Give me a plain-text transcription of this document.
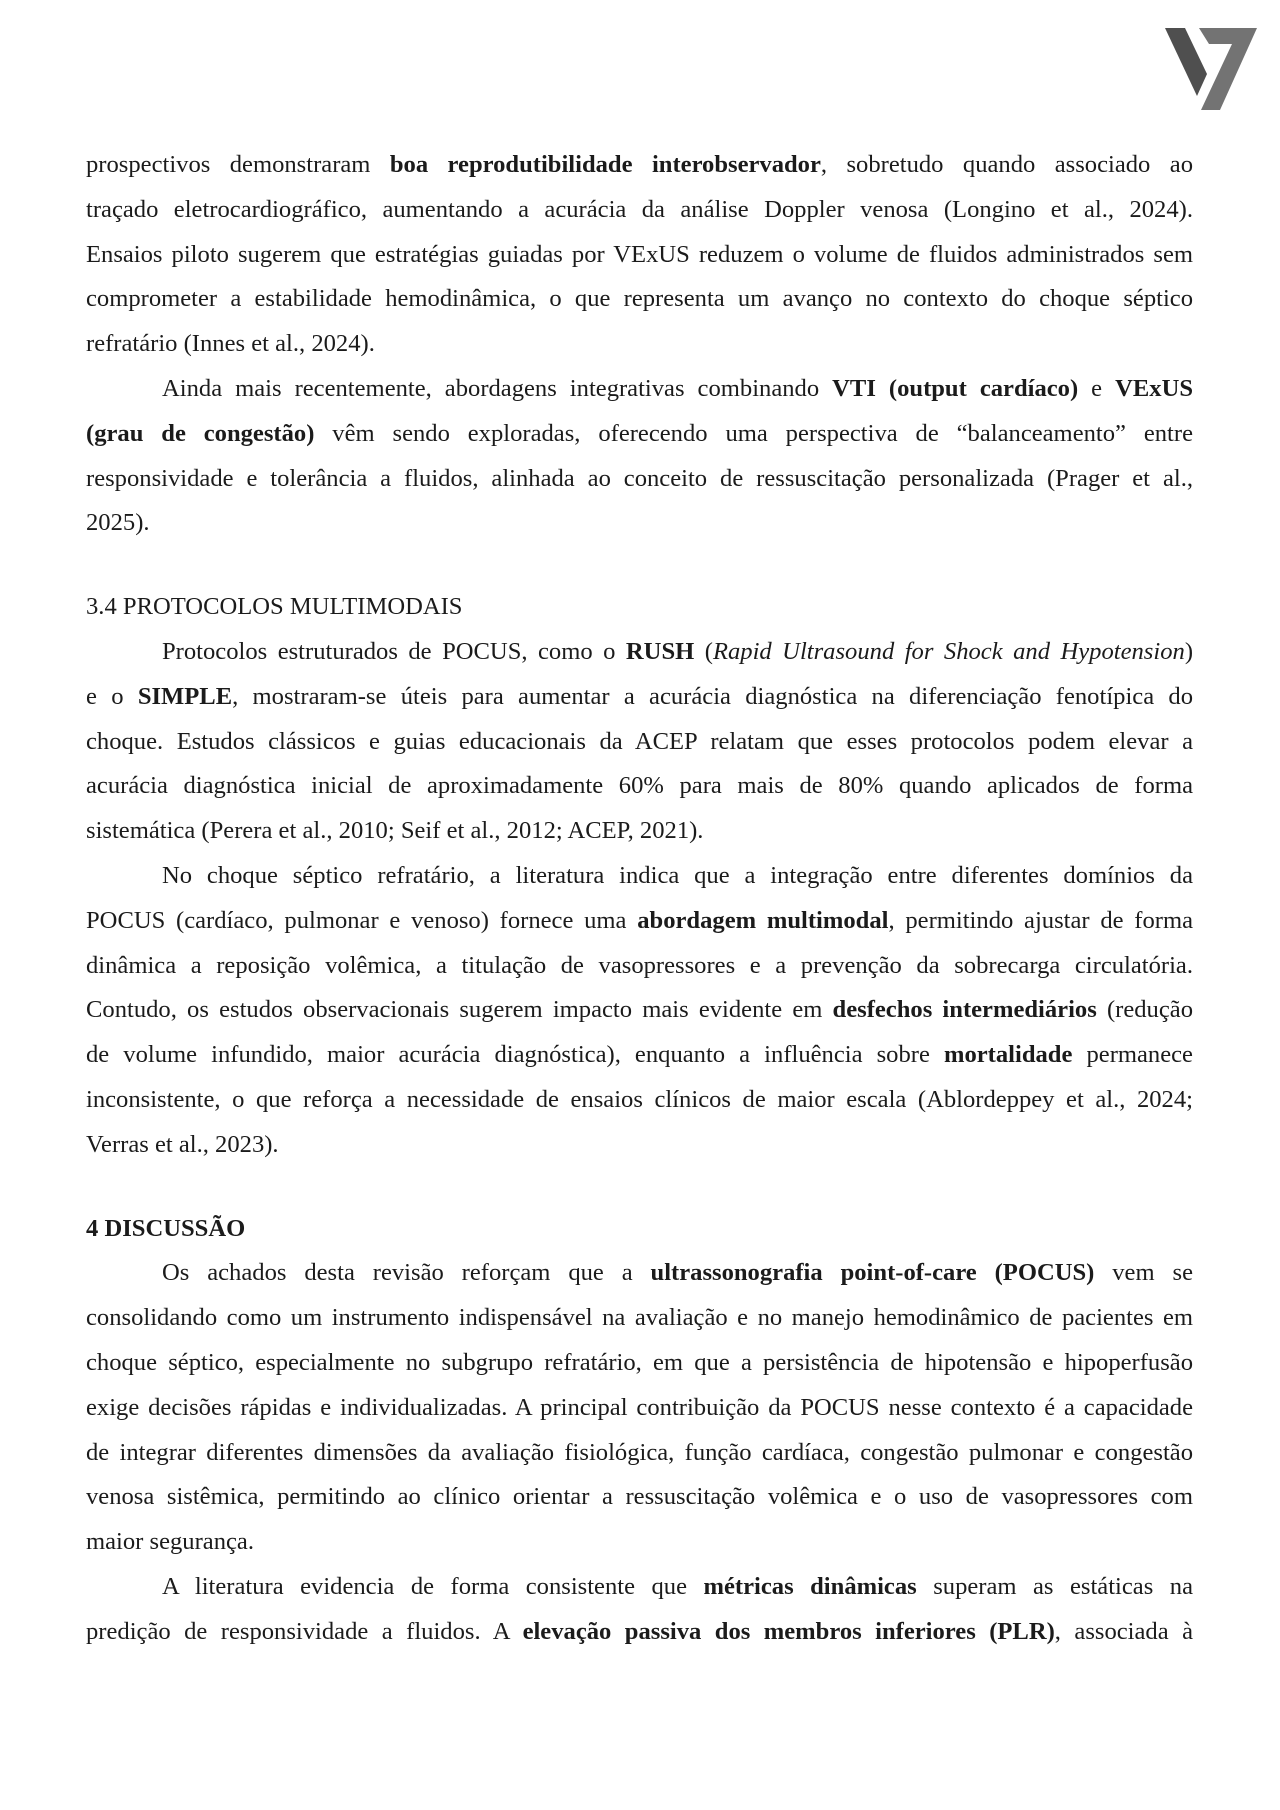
prospectivos demonstraram boa reprodutibilidade interobservador, sobretudo quando associado ao
traçado eletrocardiográfico, aumentando a acurácia da análise Doppler venosa (Longino et al., 2024).
Ensaios piloto sugerem que estratégias guiadas por VExUS reduzem o volume de fluidos administrados sem
comprometer a estabilidade hemodinâmica, o que representa um avanço no contexto do choque séptico
refratário (Innes et al., 2024).
Ainda mais recentemente, abordagens integrativas combinando VTI (output cardíaco) e VExUS
(grau de congestão) vêm sendo exploradas, oferecendo uma perspectiva de “balanceamento” entre
responsividade e tolerância a fluidos, alinhada ao conceito de ressuscitação personalizada (Prager et al.,
2025).
3.4 PROTOCOLOS MULTIMODAIS
Protocolos estruturados de POCUS, como o RUSH (Rapid Ultrasound for Shock and Hypotension)
e o SIMPLE, mostraram-se úteis para aumentar a acurácia diagnóstica na diferenciação fenotípica do
choque. Estudos clássicos e guias educacionais da ACEP relatam que esses protocolos podem elevar a
acurácia diagnóstica inicial de aproximadamente 60% para mais de 80% quando aplicados de forma
sistemática (Perera et al., 2010; Seif et al., 2012; ACEP, 2021).
No choque séptico refratário, a literatura indica que a integração entre diferentes domínios da
POCUS (cardíaco, pulmonar e venoso) fornece uma abordagem multimodal, permitindo ajustar de forma
dinâmica a reposição volêmica, a titulação de vasopressores e a prevenção da sobrecarga circulatória.
Contudo, os estudos observacionais sugerem impacto mais evidente em desfechos intermediários (redução
de volume infundido, maior acurácia diagnóstica), enquanto a influência sobre mortalidade permanece
inconsistente, o que reforça a necessidade de ensaios clínicos de maior escala (Ablordeppey et al., 2024;
Verras et al., 2023).
4 DISCUSSÃO
Os achados desta revisão reforçam que a ultrassonografia point-of-care (POCUS) vem se
consolidando como um instrumento indispensável na avaliação e no manejo hemodinâmico de pacientes em
choque séptico, especialmente no subgrupo refratário, em que a persistência de hipotensão e hipoperfusão
exige decisões rápidas e individualizadas. A principal contribuição da POCUS nesse contexto é a capacidade
de integrar diferentes dimensões da avaliação fisiológica, função cardíaca, congestão pulmonar e congestão
venosa sistêmica, permitindo ao clínico orientar a ressuscitação volêmica e o uso de vasopressores com
maior segurança.
A literatura evidencia de forma consistente que métricas dinâmicas superam as estáticas na
predição de responsividade a fluidos. A elevação passiva dos membros inferiores (PLR), associada à
